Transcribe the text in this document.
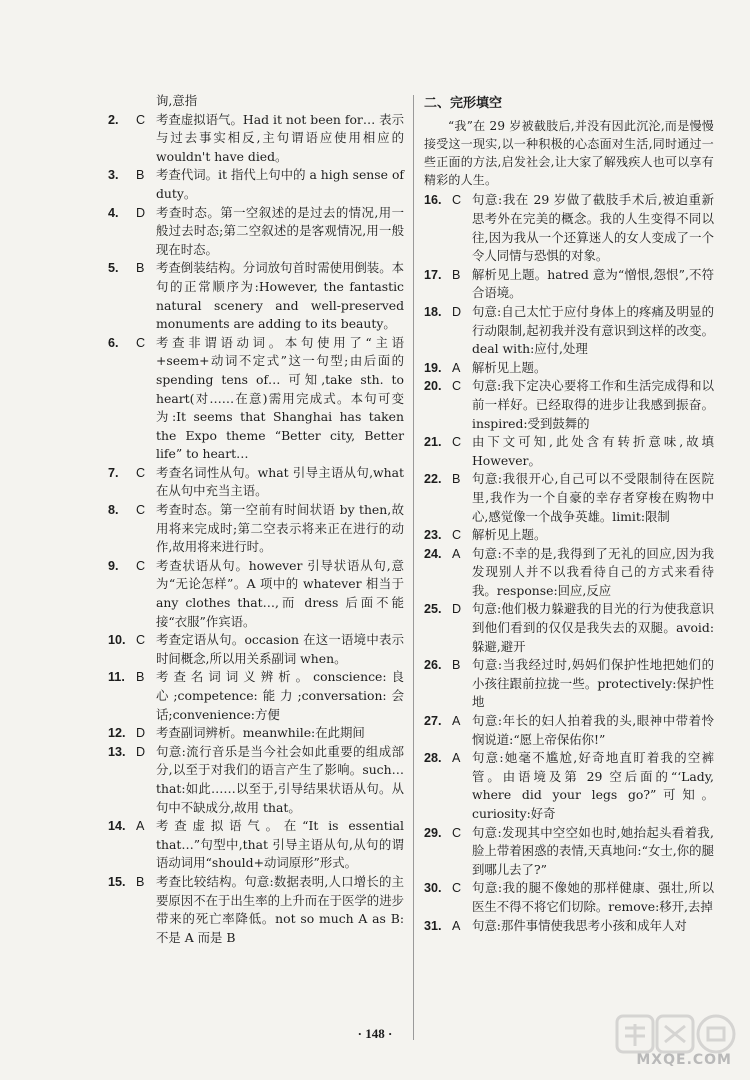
询,意指

2. C 考查虚拟语气。Had it not been for… 表示与过去事实相反,主句谓语应使用相应的 wouldn't have died。

3. B 考查代词。it 指代上句中的 a high sense of duty。

4. D 考查时态。第一空叙述的是过去的情况,用一般过去时态;第二空叙述的是客观情况,用一般现在时态。

5. B 考查倒装结构。分词放句首时需使用倒装。本句的正常顺序为:However, the fantastic natural scenery and well-preserved monuments are adding to its beauty。

6. C 考查非谓语动词。本句使用了“主语+seem+动词不定式”这一句型;由后面的 spending tens of… 可知,take sth. to heart(对……在意)需用完成式。本句可变为:It seems that Shanghai has taken the Expo theme “Better city, Better life” to heart…

7. C 考查名词性从句。what 引导主语从句,what 在从句中充当主语。

8. C 考查时态。第一空前有时间状语 by then,故用将来完成时;第二空表示将来正在进行的动作,故用将来进行时。

9. C 考查状语从句。however 引导状语从句,意为“无论怎样”。A 项中的 whatever 相当于 any clothes that…,而 dress 后面不能接“衣服”作宾语。

10. C 考查定语从句。occasion 在这一语境中表示时间概念,所以用关系副词 when。

11. B 考查名词词义辨析。conscience:良心;competence:能力;conversation:会话;convenience:方便

12. D 考查副词辨析。meanwhile:在此期间

13. D 句意:流行音乐是当今社会如此重要的组成部分,以至于对我们的语言产生了影响。such…that:如此……以至于,引导结果状语从句。从句中不缺成分,故用 that。

14. A 考查虚拟语气。在“It is essential that…”句型中,that 引导主语从句,从句的谓语动词用“should+动词原形”形式。

15. B 考查比较结构。句意:数据表明,人口增长的主要原因不在于出生率的上升而在于医学的进步带来的死亡率降低。not so much A as B:不是 A 而是 B

二、完形填空

“我”在 29 岁被截肢后,并没有因此沉沦,而是慢慢接受这一现实,以一种积极的心态面对生活,同时通过一些正面的方法,启发社会,让大家了解残疾人也可以享有精彩的人生。

16. C 句意:我在 29 岁做了截肢手术后,被迫重新思考外在完美的概念。我的人生变得不同以往,因为我从一个还算迷人的女人变成了一个令人同情与恐惧的对象。

17. B 解析见上题。hatred 意为“憎恨,怨恨”,不符合语境。

18. D 句意:自己太忙于应付身体上的疼痛及明显的行动限制,起初我并没有意识到这样的改变。deal with:应付,处理

19. A 解析见上题。

20. C 句意:我下定决心要将工作和生活完成得和以前一样好。已经取得的进步让我感到振奋。inspired:受到鼓舞的

21. C 由下文可知,此处含有转折意味,故填 However。

22. B 句意:我很开心,自己可以不受限制待在医院里,我作为一个自豪的幸存者穿梭在购物中心,感觉像一个战争英雄。limit:限制

23. C 解析见上题。

24. A 句意:不幸的是,我得到了无礼的回应,因为我发现别人并不以我看待自己的方式来看待我。response:回应,反应

25. D 句意:他们极力躲避我的目光的行为使我意识到他们看到的仅仅是我失去的双腿。avoid:躲避,避开

26. B 句意:当我经过时,妈妈们保护性地把她们的小孩往跟前拉拢一些。protectively:保护性地

27. A 句意:年长的妇人拍着我的头,眼神中带着怜悯说道:“愿上帝保佑你!”

28. A 句意:她毫不尴尬,好奇地直盯着我的空裤管。由语境及第 29 空后面的“‘Lady, where did your legs go?”可知。curiosity:好奇

29. C 句意:发现其中空空如也时,她抬起头看着我,脸上带着困惑的表情,天真地问:“女士,你的腿到哪儿去了?”

30. C 句意:我的腿不像她的那样健康、强壮,所以医生不得不将它们切除。remove:移开,去掉

31. A 句意:那件事情使我思考小孩和成年人对

· 148 ·
MXQE.COM
